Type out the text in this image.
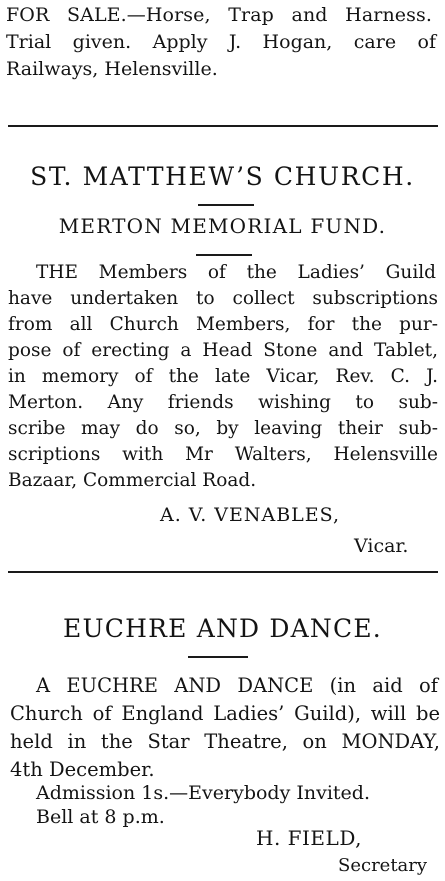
FOR SALE.—Horse, Trap and Harness.
Trial given. Apply J. Hogan, care of
Railways, Helensville.
ST. MATTHEW’S CHURCH.
MERTON MEMORIAL FUND.
THE Members of the Ladies’ Guild
have undertaken to collect subscriptions
from all Church Members, for the pur-
pose of erecting a Head Stone and Tablet,
in memory of the late Vicar, Rev. C. J.
Merton. Any friends wishing to sub-
scribe may do so, by leaving their sub-
scriptions with Mr Walters, Helensville
Bazaar, Commercial Road.
A. V. VENABLES,
Vicar.
EUCHRE AND DANCE.
A EUCHRE AND DANCE (in aid of
Church of England Ladies’ Guild), will be
held in the Star Theatre, on MONDAY,
4th December.
Admission 1s.—Everybody Invited.
Bell at 8 p.m.
H. FIELD,
Secretary
